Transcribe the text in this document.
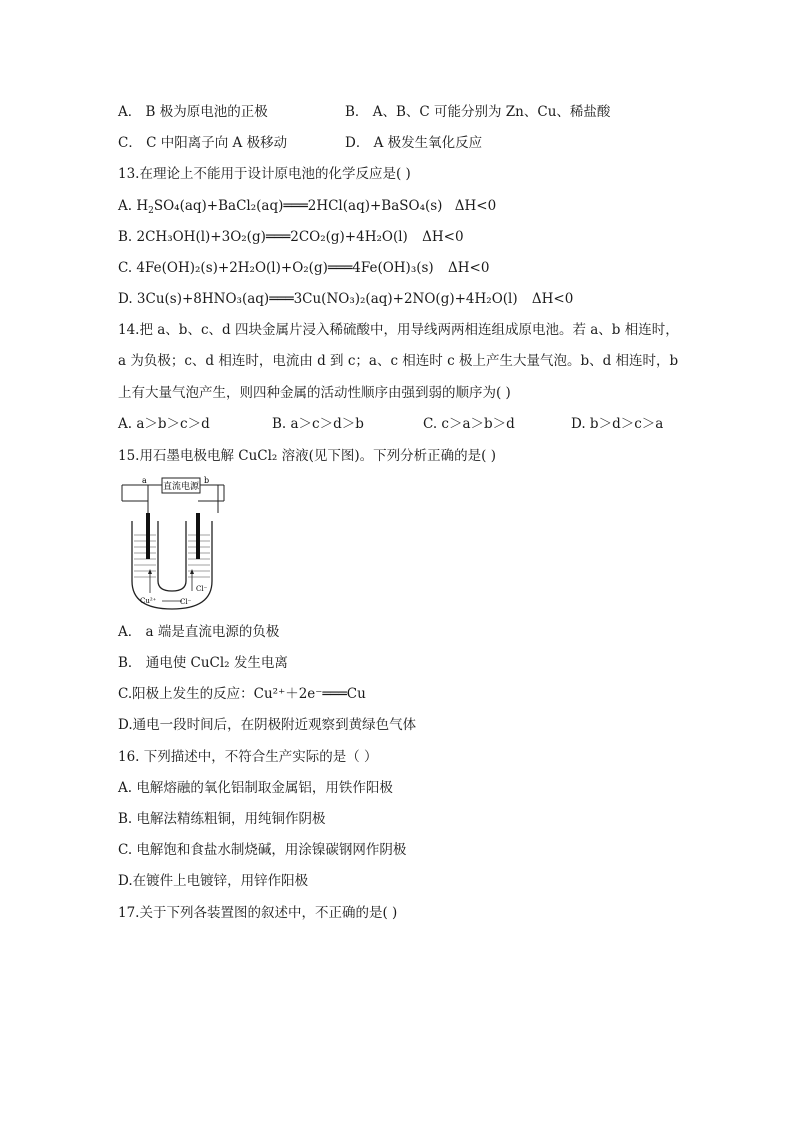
A． B 极为原电池的正极	B． A、B、C 可能分别为 Zn、Cu、稀盐酸
C． C 中阳离子向 A 极移动	D． A 极发生氧化反应
13.在理论上不能用于设计原电池的化学反应是( )
A. $H_2SO_4(aq)+BaCl_2(aq)═══2HCl(aq)+BaSO_4(s)$ ΔH<0
B. 2CH₃OH(l)+3O₂(g)═══2CO₂(g)+4H₂O(l) ΔH<0
C. 4Fe(OH)₂(s)+2H₂O(l)+O₂(g)═══4Fe(OH)₃(s) ΔH<0
D. 3Cu(s)+8HNO₃(aq)═══3Cu(NO₃)₂(aq)+2NO(g)+4H₂O(l) ΔH<0
14.把 a、b、c、d 四块金属片浸入稀硫酸中，用导线两两相连组成原电池。若 a、b 相连时，
a 为负极；c、d 相连时，电流由 d 到 c；a、c 相连时 c 极上产生大量气泡。b、d 相连时，b
上有大量气泡产生，则四种金属的活动性顺序由强到弱的顺序为( )
A. a＞b＞c＞d	B. a＞c＞d＞b	C. c＞a＞b＞d	D. b＞d＞c＞a
15.用石墨电极电解 CuCl₂ 溶液(见下图)。下列分析正确的是( )
直流电源
a	b
Cu²⁺	Cl⁻
Cl⁻
A． a 端是直流电源的负极
B． 通电使 CuCl₂ 发生电离
C.阳极上发生的反应：Cu²⁺＋2e⁻═══Cu
D.通电一段时间后，在阴极附近观察到黄绿色气体
16. 下列描述中，不符合生产实际的是（ ）
A. 电解熔融的氧化铝制取金属铝，用铁作阳极
B. 电解法精练粗铜，用纯铜作阴极
C. 电解饱和食盐水制烧碱，用涂镍碳钢网作阴极
D.在镀件上电镀锌，用锌作阳极
17.关于下列各装置图的叙述中，不正确的是( )
